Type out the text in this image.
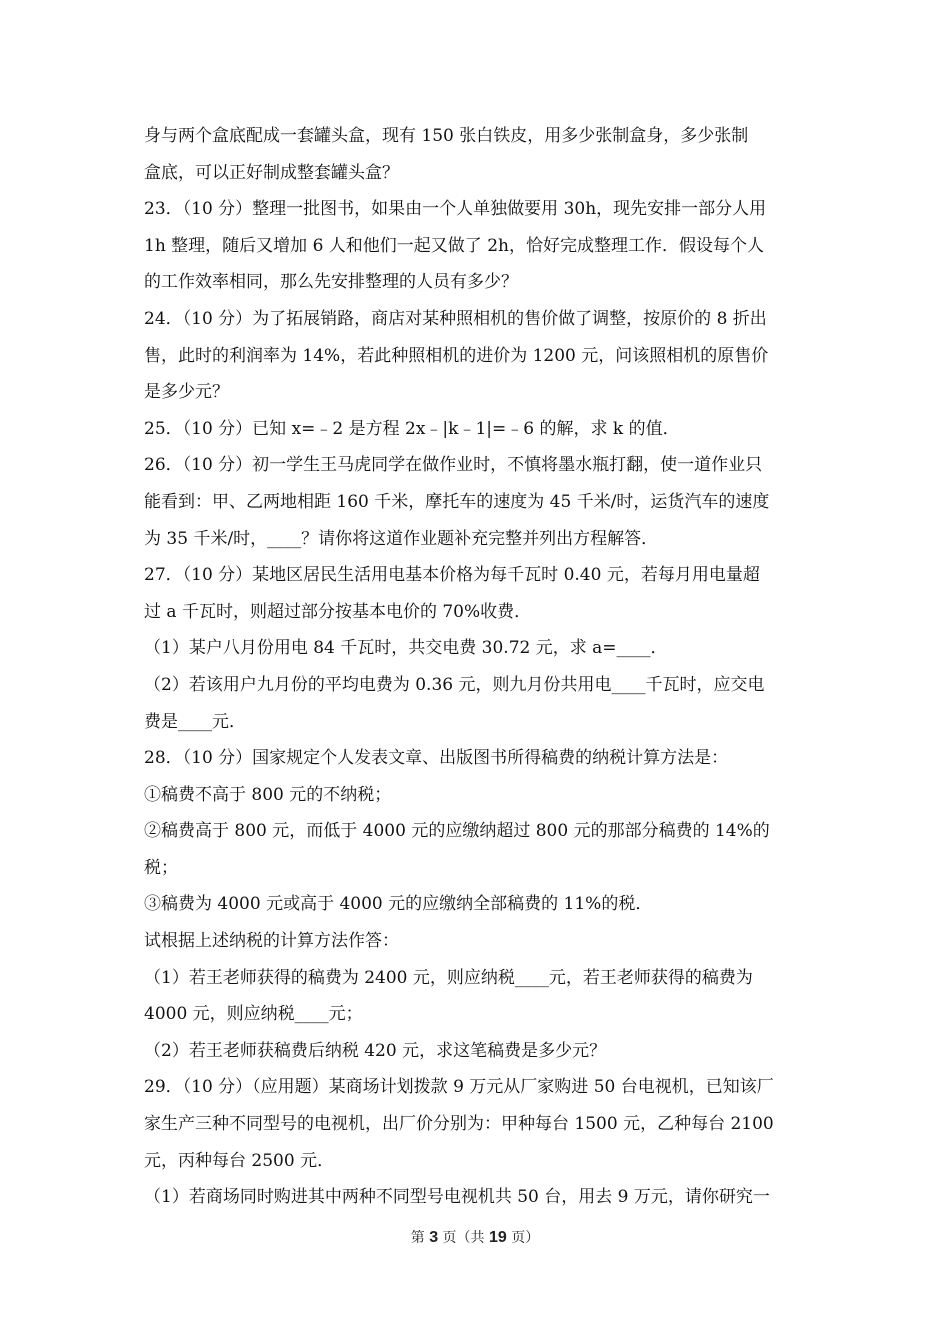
身与两个盒底配成一套罐头盒，现有 150 张白铁皮，用多少张制盒身，多少张制
盒底，可以正好制成整套罐头盒？
23．（10 分）整理一批图书，如果由一个人单独做要用 30h，现先安排一部分人用
1h 整理，随后又增加 6 人和他们一起又做了 2h，恰好完成整理工作．假设每个人
的工作效率相同，那么先安排整理的人员有多少？
24．（10 分）为了拓展销路，商店对某种照相机的售价做了调整，按原价的 8 折出
售，此时的利润率为 14%，若此种照相机的进价为 1200 元，问该照相机的原售价
是多少元？
25．（10 分）已知 x=﹣2 是方程 2x﹣|k﹣1|=﹣6 的解，求 k 的值．
26．（10 分）初一学生王马虎同学在做作业时，不慎将墨水瓶打翻，使一道作业只
能看到：甲、乙两地相距 160 千米，摩托车的速度为 45 千米/时，运货汽车的速度
为 35 千米/时，____？请你将这道作业题补充完整并列出方程解答．
27．（10 分）某地区居民生活用电基本价格为每千瓦时 0.40 元，若每月用电量超
过 a 千瓦时，则超过部分按基本电价的 70%收费．
（1）某户八月份用电 84 千瓦时，共交电费 30.72 元，求 a=____．
（2）若该用户九月份的平均电费为 0.36 元，则九月份共用电____千瓦时，应交电
费是____元．
28．（10 分）国家规定个人发表文章、出版图书所得稿费的纳税计算方法是：
①稿费不高于 800 元的不纳税；
②稿费高于 800 元，而低于 4000 元的应缴纳超过 800 元的那部分稿费的 14%的
税；
③稿费为 4000 元或高于 4000 元的应缴纳全部稿费的 11%的税．
试根据上述纳税的计算方法作答：
（1）若王老师获得的稿费为 2400 元，则应纳税____元，若王老师获得的稿费为
4000 元，则应纳税____元；
（2）若王老师获稿费后纳税 420 元，求这笔稿费是多少元？
29．（10 分）（应用题）某商场计划拨款 9 万元从厂家购进 50 台电视机，已知该厂
家生产三种不同型号的电视机，出厂价分别为：甲种每台 1500 元，乙种每台 2100
元，丙种每台 2500 元．
（1）若商场同时购进其中两种不同型号电视机共 50 台，用去 9 万元，请你研究一
第 3 页（共 19 页）
